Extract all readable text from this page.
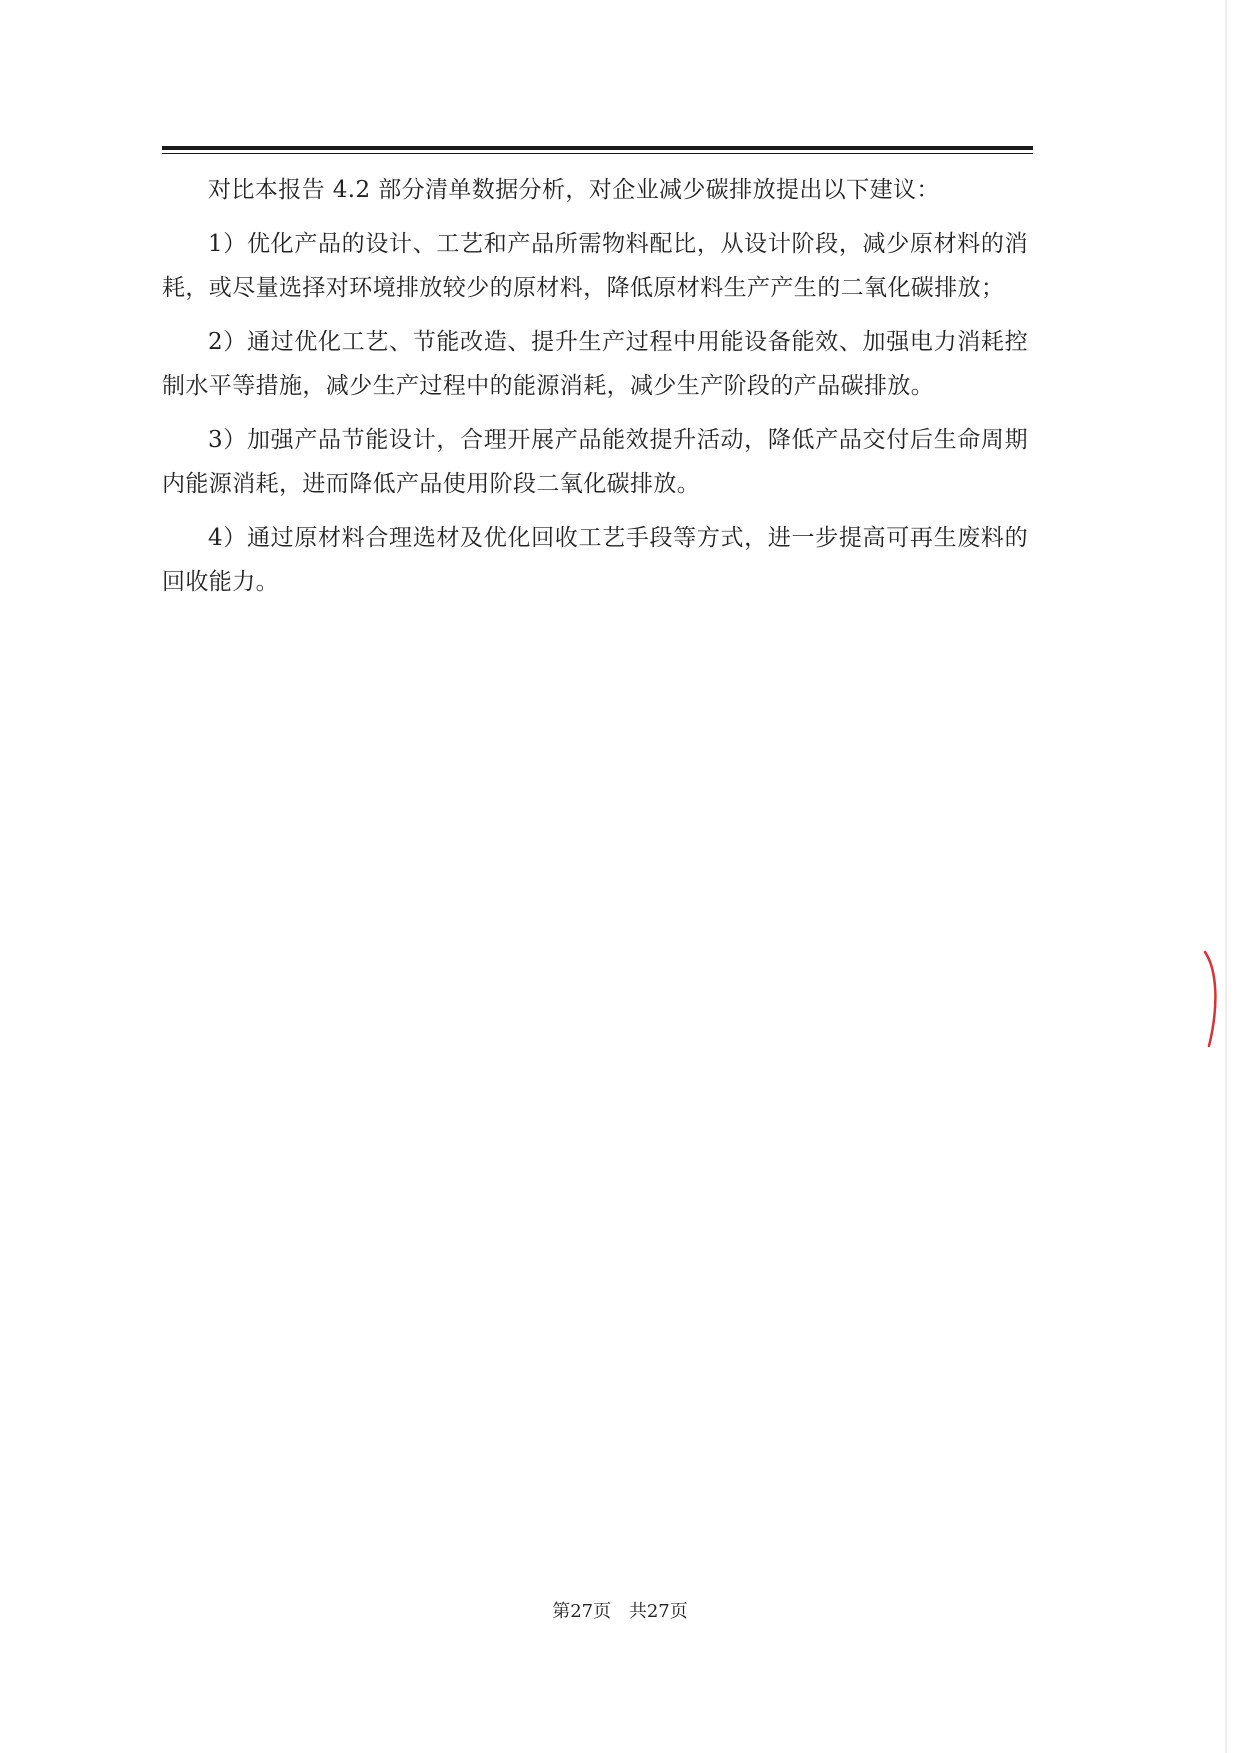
对比本报告 4.2 部分清单数据分析，对企业减少碳排放提出以下建议：

1）优化产品的设计、工艺和产品所需物料配比，从设计阶段，减少原材料的消耗，或尽量选择对环境排放较少的原材料，降低原材料生产产生的二氧化碳排放；

2）通过优化工艺、节能改造、提升生产过程中用能设备能效、加强电力消耗控制水平等措施，减少生产过程中的能源消耗，减少生产阶段的产品碳排放。

3）加强产品节能设计，合理开展产品能效提升活动，降低产品交付后生命周期内能源消耗，进而降低产品使用阶段二氧化碳排放。

4）通过原材料合理选材及优化回收工艺手段等方式，进一步提高可再生废料的回收能力。

第27页 共27页
